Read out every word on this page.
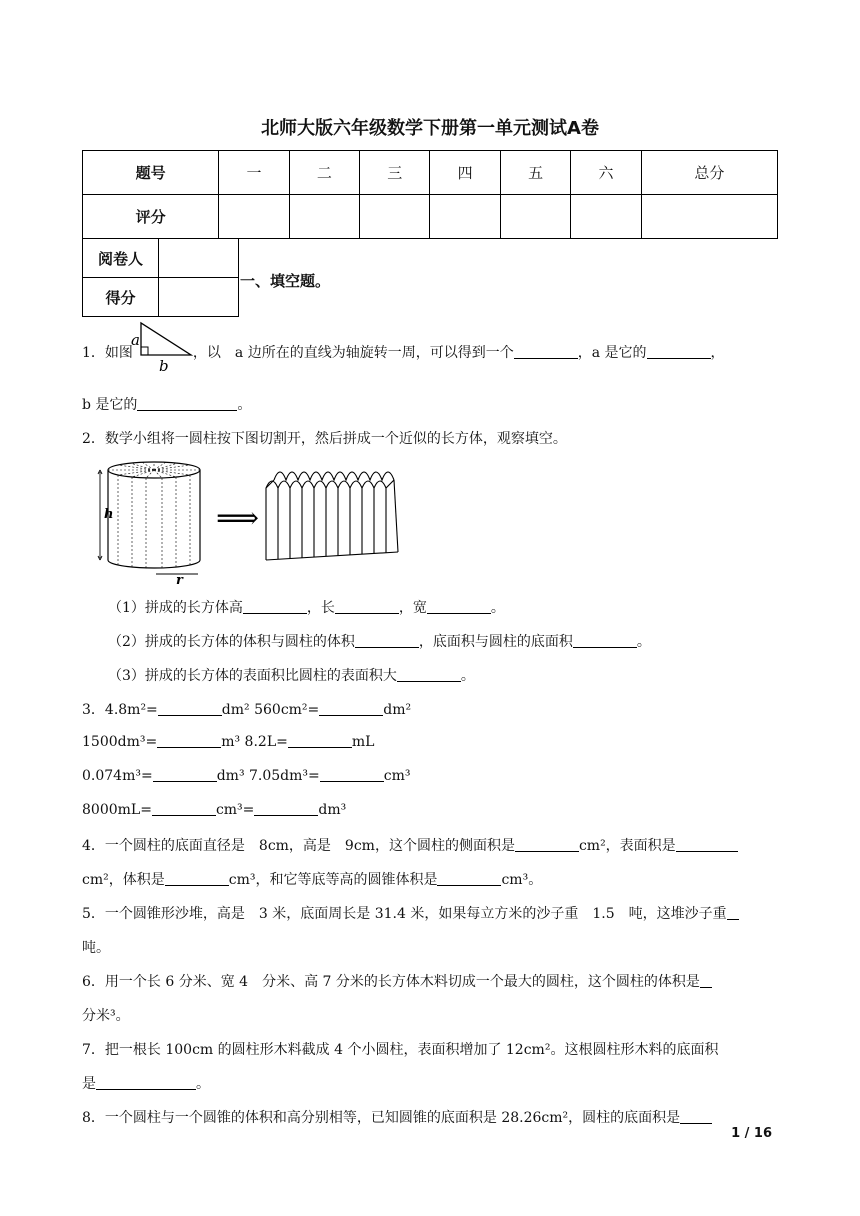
北师大版六年级数学下册第一单元测试A卷
题号	一	二	三	四	五	六	总分
评分							
阅卷人	
得分	
一、填空题。
1．如图
a
b
，以　a 边所在的直线为轴旋转一周，可以得到一个	，a 是它的	，
b 是它的	。
2．数学小组将一圆柱按下图切割开，然后拼成一个近似的长方体，观察填空。
h
r
⟹
（1）拼成的长方体高	，长	，宽	。
（2）拼成的长方体的体积与圆柱的体积	，底面积与圆柱的底面积	。
（3）拼成的长方体的表面积比圆柱的表面积大	。
3．4.8m²=	dm² 560cm²=	dm²
1500dm³=	m³ 8.2L=	mL
0.074m³=	dm³ 7.05dm³=	cm³
8000mL=	cm³=	dm³
4．一个圆柱的底面直径是　8cm，高是　9cm，这个圆柱的侧面积是	cm²，表面积是
cm²，体积是	cm³，和它等底等高的圆锥体积是	cm³。
5．一个圆锥形沙堆，高是　3 米，底面周长是 31.4 米，如果每立方米的沙子重　1.5　吨，这堆沙子重
吨。
6．用一个长 6 分米、宽 4　分米、高 7 分米的长方体木料切成一个最大的圆柱，这个圆柱的体积是
分米³。
7．把一根长 100cm 的圆柱形木料截成 4 个小圆柱，表面积增加了 12cm²。这根圆柱形木料的底面积
是	。
8．一个圆柱与一个圆锥的体积和高分别相等，已知圆锥的底面积是 28.26cm²，圆柱的底面积是
1 / 16
